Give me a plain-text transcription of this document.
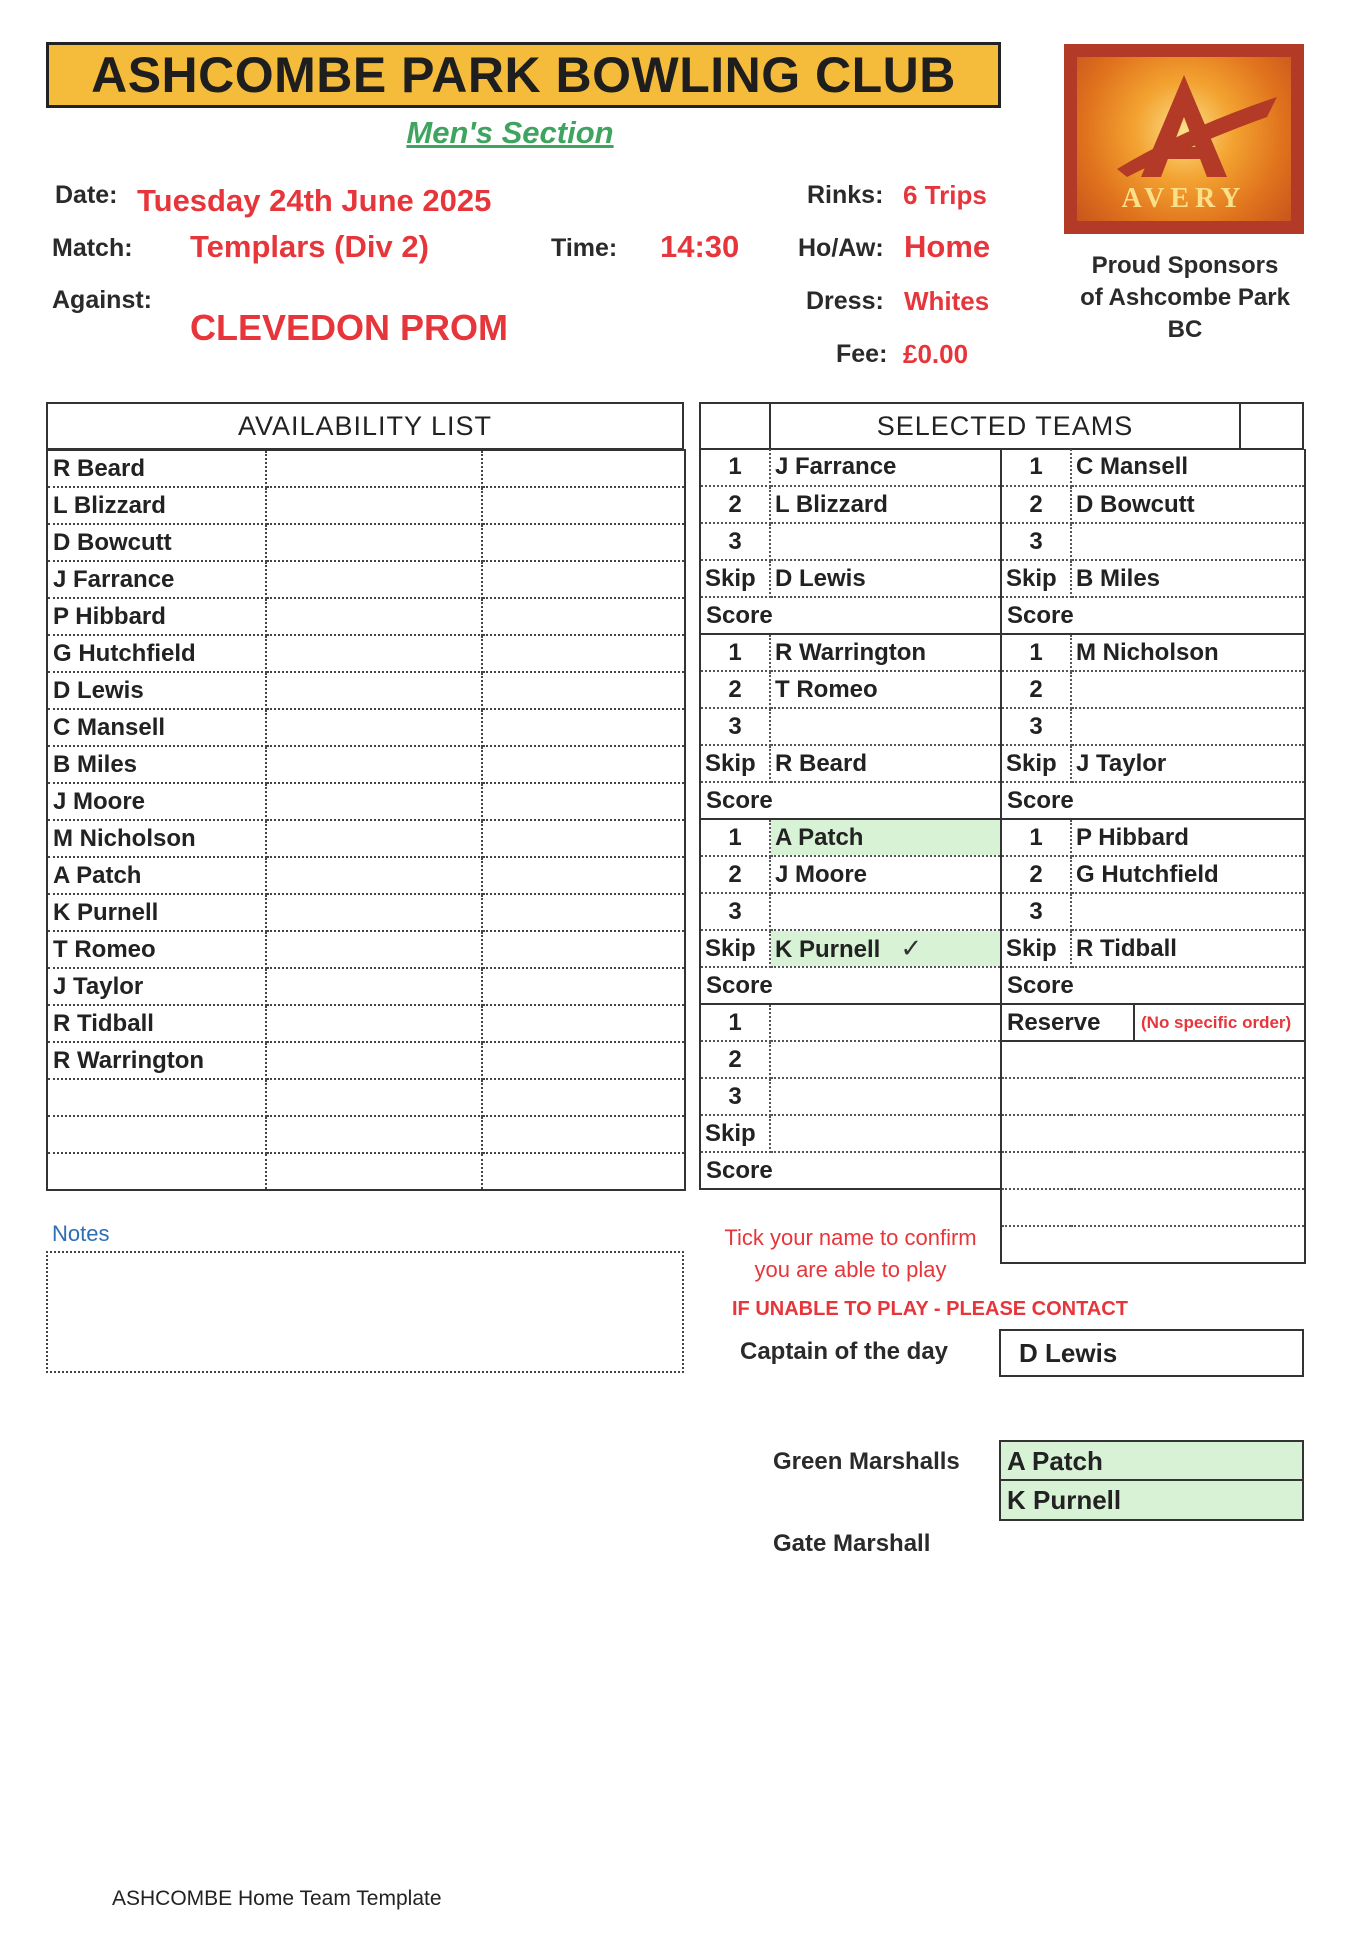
ASHCOMBE PARK BOWLING CLUB
Men's Section
Date: Tuesday 24th June 2025
Match: Templars (Div 2)	Time: 14:30
Against:
CLEVEDON PROM
Rinks: 6 Trips
Ho/Aw: Home
Dress: Whites
Fee: £0.00
AVERY
Proud Sponsors
of Ashcombe Park
BC
AVAILABILITY LIST
R Beard		
L Blizzard		
D Bowcutt		
J Farrance		
P Hibbard		
G Hutchfield		
D Lewis		
C Mansell		
B Miles		
J Moore		
M Nicholson		
A Patch		
K Purnell		
T Romeo		
J Taylor		
R Tidball		
R Warrington		

Notes
SELECTED TEAMS
1	J Farrance	1	C Mansell
2	L Blizzard	2	D Bowcutt
3		3	
Skip	D Lewis	Skip	B Miles
Score		Score	
1	R Warrington	1	M Nicholson
2	T Romeo	2	
3		3	
Skip	R Beard	Skip	J Taylor
Score		Score	
1	A Patch	1	P Hibbard
2	J Moore	2	G Hutchfield
3		3	
Skip	K Purnell ✓	Skip	R Tidball
Score		Score	
1		Reserve (No specific order)	

2			
3			
Skip			
Score			

Tick your name to confirm
you are able to play
IF UNABLE TO PLAY - PLEASE CONTACT
Captain of the day	D Lewis
Green Marshalls A Patch
K Purnell
Gate Marshall
ASHCOMBE Home Team Template
